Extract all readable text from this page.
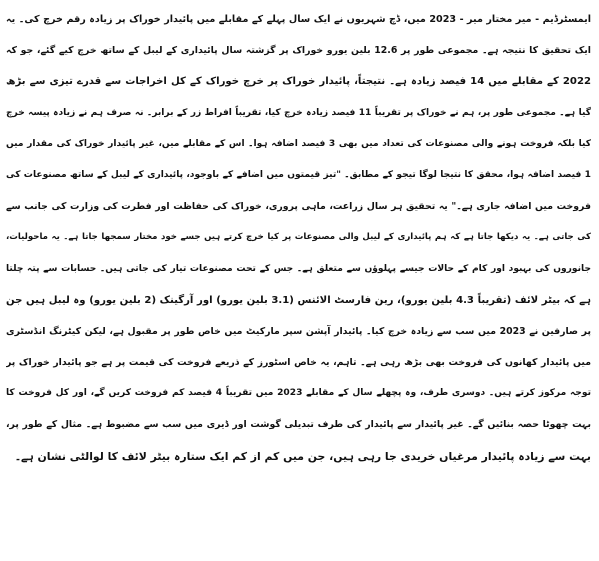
ایمسٹرڈیم - میر مختار میر - 2023 میں، ڈچ شہریوں نے ایک سال پہلے کے مقابلے میں پائیدار خوراک پر زیادہ رقم خرچ کی۔ یہ
ایک تحقیق کا نتیجہ ہے۔ مجموعی طور پر 12.6 بلین یورو خوراک پر گزشتہ سال پائیداری کے لیبل کے ساتھ خرچ کیے گئے، جو کہ
2022 کے مقابلے میں 14 فیصد زیادہ ہے۔ نتیجتاً، پائیدار خوراک پر خرچ خوراک کے کل اخراجات سے قدرے تیزی سے بڑھ
گیا ہے۔ مجموعی طور پر، ہم نے خوراک پر تقریباً 11 فیصد زیادہ خرچ کیا، تقریباً افراط زر کے برابر۔ نہ صرف ہم نے زیادہ پیسہ خرچ
کیا بلکہ فروخت ہونے والی مصنوعات کی تعداد میں بھی 3 فیصد اضافہ ہوا۔ اس کے مقابلے میں، غیر پائیدار خوراک کی مقدار میں
1 فیصد اضافہ ہوا، محقق کا نتیجا لوگا تیجو کے مطابق۔ "تیز قیمتوں میں اضافے کے باوجود، پائیداری کے لیبل کے ساتھ مصنوعات کی
فروخت میں اضافہ جاری ہے۔" یہ تحقیق ہر سال زراعت، ماہی پروری، خوراک کی حفاظت اور فطرت کی وزارت کی جانب سے
کی جاتی ہے۔ یہ دیکھا جاتا ہے کہ ہم پائیداری کے لیبل والی مصنوعات پر کیا خرچ کرتے ہیں جسے خود مختار سمجھا جاتا ہے۔ یہ ماحولیات،
جانوروں کی بہبود اور کام کے حالات جیسے پہلوؤں سے متعلق ہے۔ جس کے تحت مصنوعات تیار کی جاتی ہیں۔ حسابات سے پتہ چلتا
ہے کہ بیٹر لائف (تقریباً 4.3 بلین یورو)، رین فارسٹ الائنس (3.1 بلین یورو) اور آرگینک (2 بلین یورو) وہ لیبل ہیں جن
پر صارفین نے 2023 میں سب سے زیادہ خرچ کیا۔ پائیدار آپشن سپر مارکیٹ میں خاص طور پر مقبول ہے، لیکن کیٹرنگ انڈسٹری
میں پائیدار کھانوں کی فروخت بھی بڑھ رہی ہے۔ تاہم، یہ خاص اسٹورز کے ذریعے فروخت کی قیمت پر ہے جو پائیدار خوراک پر
توجہ مرکوز کرتے ہیں۔ دوسری طرف، وہ پچھلے سال کے مقابلے 2023 میں تقریباً 4 فیصد کم فروخت کریں گے، اور کل فروخت کا
بہت چھوٹا حصہ بنائیں گے۔ غیر پائیدار سے پائیدار کی طرف تبدیلی گوشت اور ڈیری میں سب سے مضبوط ہے۔ مثال کے طور پر،
بہت سے زیادہ پائیدار مرغیاں خریدی جا رہی ہیں، جن میں کم از کم ایک ستارہ بیٹر لائف کا لوالٹی نشان ہے۔
